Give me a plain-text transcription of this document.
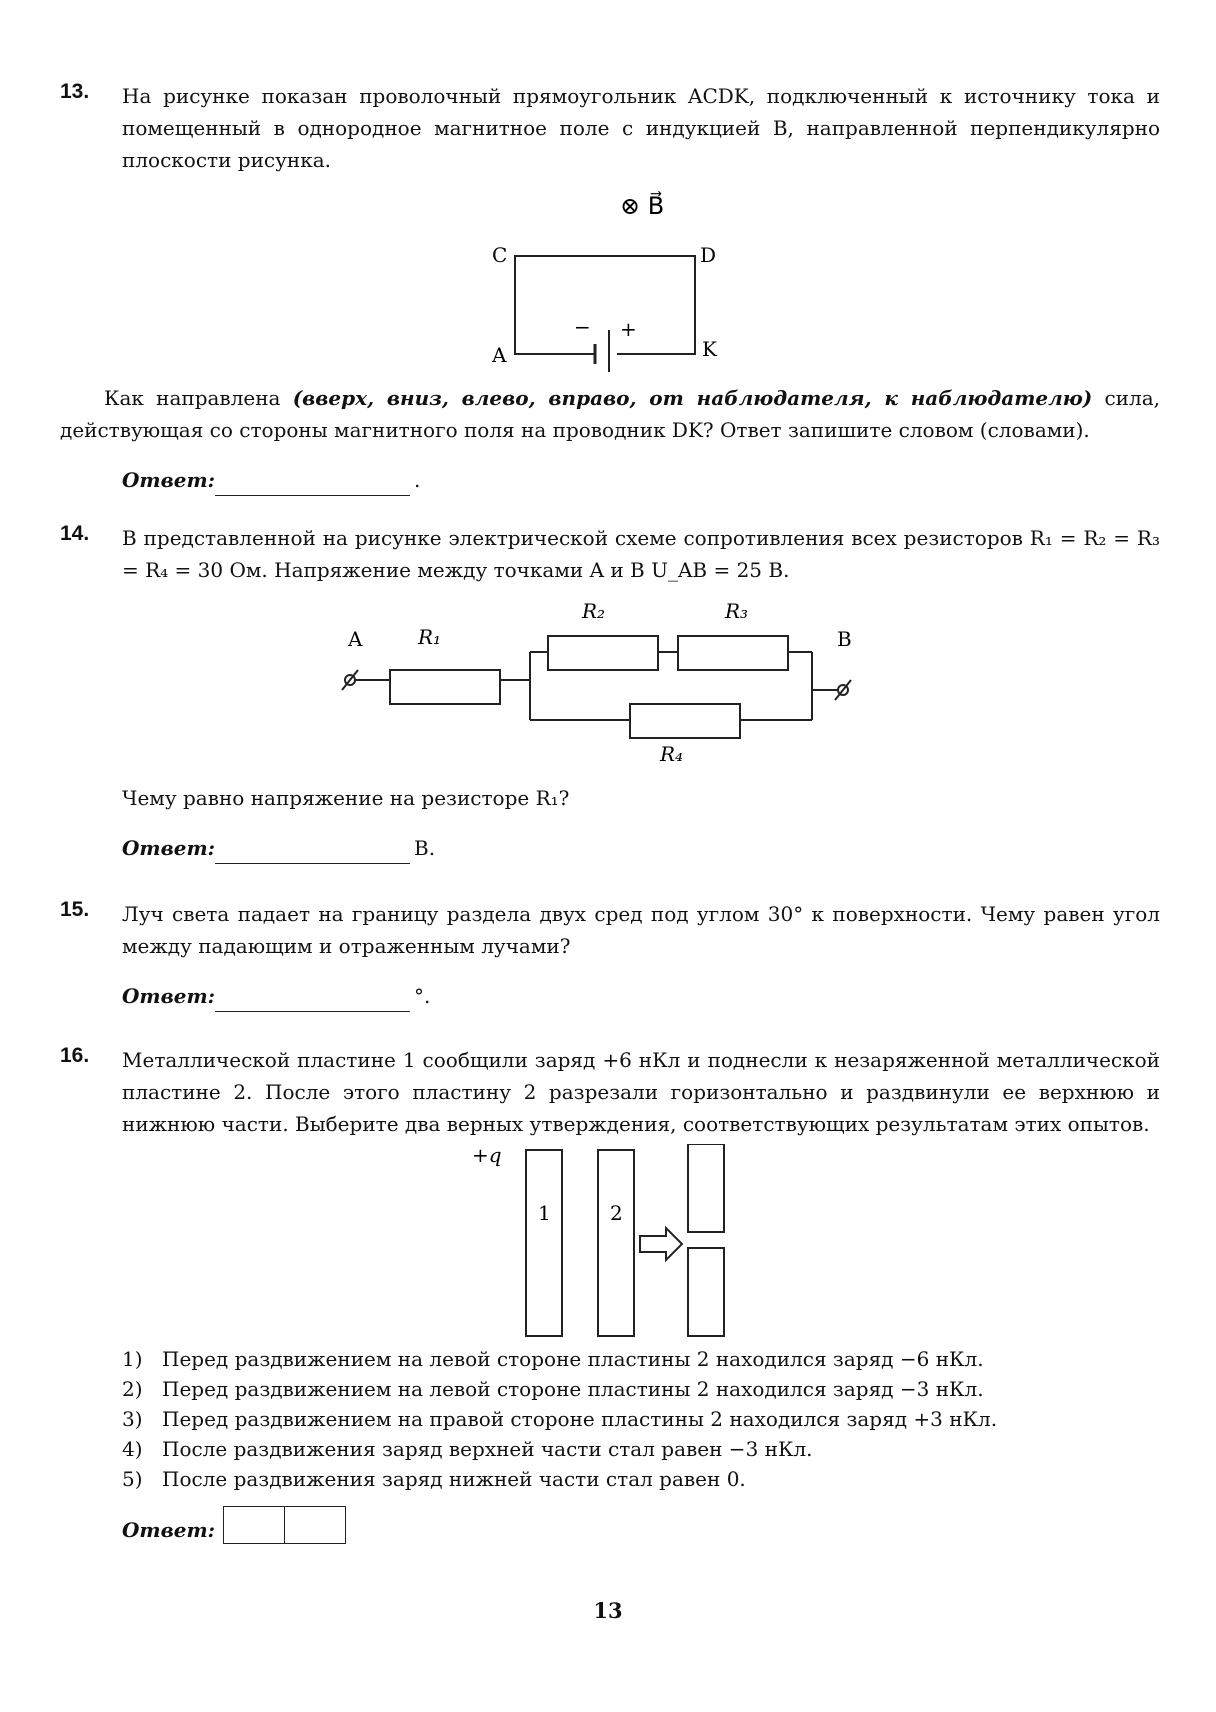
13. На рисунке показан проволочный прямоугольник ACDK, подключенный к источнику тока и помещенный в однородное магнитное поле с индукцией B, направленной перпендикулярно плоскости рисунка.
⊗ B⃗
C	D
A	K
− +
Как направлена (вверх, вниз, влево, вправо, от наблюдателя, к наблюдателю) сила, действующая со стороны магнитного поля на проводник DK? Ответ запишите словом (словами).
Ответ:	.
14. В представленной на рисунке электрической схеме сопротивления всех резисторов R₁ = R₂ = R₃ = R₄ = 30 Ом. Напряжение между точками A и B U_AB = 25 В.
A	B
R₁
R₂	R₃
R₄
Чему равно напряжение на резисторе R₁?
Ответ:	В.
15. Луч света падает на границу раздела двух сред под углом 30° к поверхности. Чему равен угол между падающим и отраженным лучами?
Ответ:	°.
16. Металлической пластине 1 сообщили заряд +6 нКл и поднесли к незаряженной металлической пластине 2. После этого пластину 2 разрезали горизонтально и раздвинули ее верхнюю и нижнюю части. Выберите два верных утверждения, соответствующих результатам этих опытов.
+q
1	2
1) Перед раздвижением на левой стороне пластины 2 находился заряд −6 нКл.
2) Перед раздвижением на левой стороне пластины 2 находился заряд −3 нКл.
3) Перед раздвижением на правой стороне пластины 2 находился заряд +3 нКл.
4) После раздвижения заряд верхней части стал равен −3 нКл.
5) После раздвижения заряд нижней части стал равен 0.
Ответ:
13
